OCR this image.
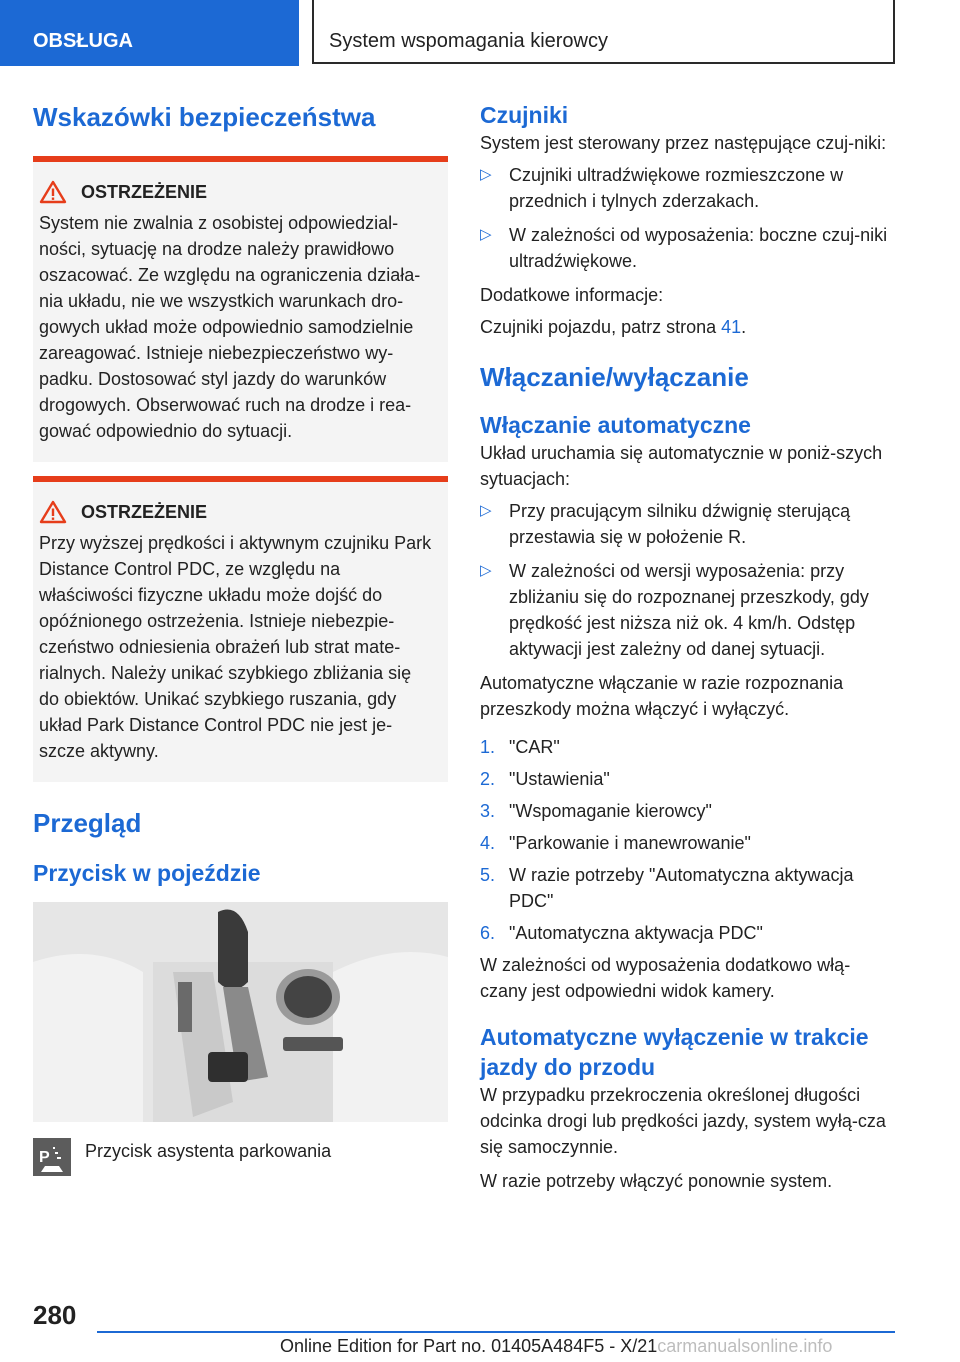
OBSŁUGA	System wspomagania kierowcy
Wskazówki bezpieczeństwa
OSTRZEŻENIE

System nie zwalnia z osobistej odpowiedzial-ności, sytuację na drodze należy prawidłowo oszacować. Ze względu na ograniczenia działa-nia układu, nie we wszystkich warunkach dro-gowych układ może odpowiednio samodzielnie zareagować. Istnieje niebezpieczeństwo wy-padku. Dostosować styl jazdy do warunków drogowych. Obserwować ruch na drodze i rea-gować odpowiednio do sytuacji.

OSTRZEŻENIE

Przy wyższej prędkości i aktywnym czujniku Park Distance Control PDC, ze względu na właściwości fizyczne układu może dojść do opóźnionego ostrzeżenia. Istnieje niebezpie-czeństwo odniesienia obrażeń lub strat mate-rialnych. Należy unikać szybkiego zbliżania się do obiektów. Unikać szybkiego ruszania, gdy układ Park Distance Control PDC nie jest je-szcze aktywny.

Przegląd
Przycisk w pojeździe
P Przycisk asystenta parkowania
Czujniki

System jest sterowany przez następujące czuj-niki:

▷ Czujniki ultradźwiękowe rozmieszczone w przednich i tylnych zderzakach.
▷ W zależności od wyposażenia: boczne czuj-niki ultradźwiękowe.

Dodatkowe informacje:

Czujniki pojazdu, patrz strona 41.

Włączanie/wyłączanie
Włączanie automatyczne

Układ uruchamia się automatycznie w poniż-szych sytuacjach:

▷ Przy pracującym silniku dźwignię sterującą przestawia się w położenie R.
▷ W zależności od wersji wyposażenia: przy zbliżaniu się do rozpoznanej przeszkody, gdy prędkość jest niższa niż ok. 4 km/h. Odstęp aktywacji jest zależny od danej sytuacji.

Automatyczne włączanie w razie rozpoznania przeszkody można włączyć i wyłączyć.

1. "CAR"
2. "Ustawienia"
3. "Wspomaganie kierowcy"
4. "Parkowanie i manewrowanie"
5. W razie potrzeby "Automatyczna aktywacja PDC"
6. "Automatyczna aktywacja PDC"

W zależności od wyposażenia dodatkowo włą-czany jest odpowiedni widok kamery.

Automatyczne wyłączenie w trakcie jazdy do przodu

W przypadku przekroczenia określonej długości odcinka drogi lub prędkości jazdy, system wyłą-cza się samoczynnie.

W razie potrzeby włączyć ponownie system.

280
Online Edition for Part no. 01405A484F5 - X/21carmanualsonline.info
